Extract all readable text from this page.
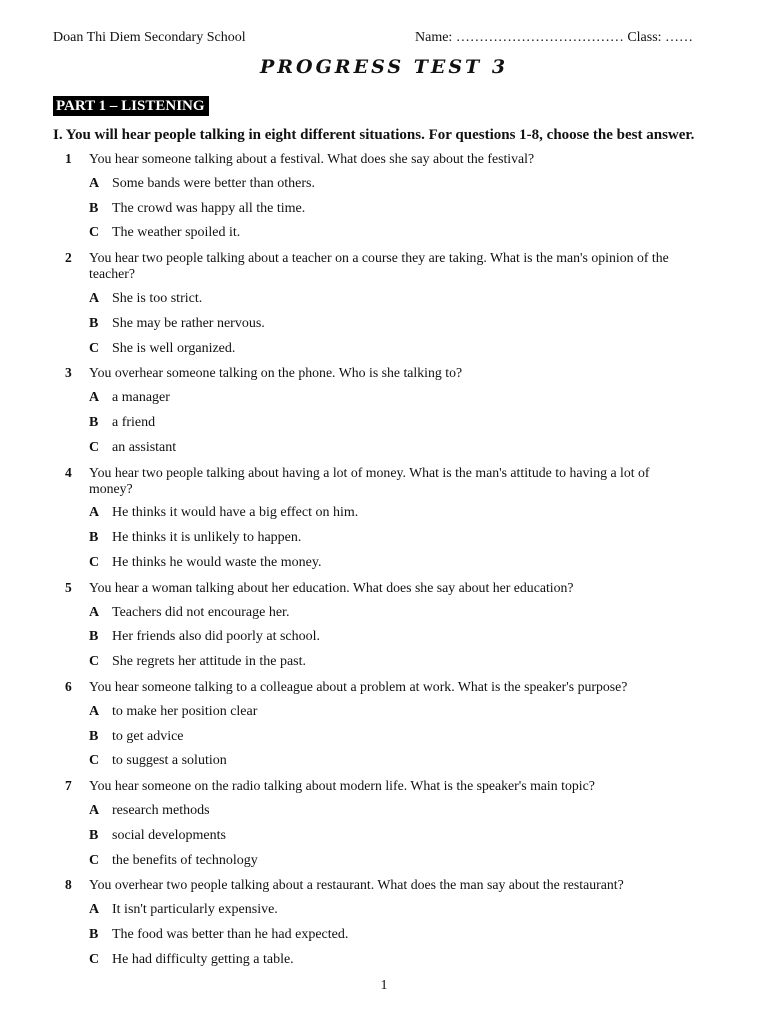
Doan Thi Diem Secondary School	Name: ……………………………… Class: ……
PROGRESS TEST 3
PART 1 – LISTENING
I. You will hear people talking in eight different situations. For questions 1-8, choose the best answer.
1 You hear someone talking about a festival. What does she say about the festival?
A Some bands were better than others.
B The crowd was happy all the time.
C The weather spoiled it.
2 You hear two people talking about a teacher on a course they are taking. What is the man's opinion of the teacher?
A She is too strict.
B She may be rather nervous.
C She is well organized.
3 You overhear someone talking on the phone. Who is she talking to?
A a manager
B a friend
C an assistant
4 You hear two people talking about having a lot of money. What is the man's attitude to having a lot of money?
A He thinks it would have a big effect on him.
B He thinks it is unlikely to happen.
C He thinks he would waste the money.
5 You hear a woman talking about her education. What does she say about her education?
A Teachers did not encourage her.
B Her friends also did poorly at school.
C She regrets her attitude in the past.
6 You hear someone talking to a colleague about a problem at work. What is the speaker's purpose?
A to make her position clear
B to get advice
C to suggest a solution
7 You hear someone on the radio talking about modern life. What is the speaker's main topic?
A research methods
B social developments
C the benefits of technology
8 You overhear two people talking about a restaurant. What does the man say about the restaurant?
A It isn't particularly expensive.
B The food was better than he had expected.
C He had difficulty getting a table.
1
